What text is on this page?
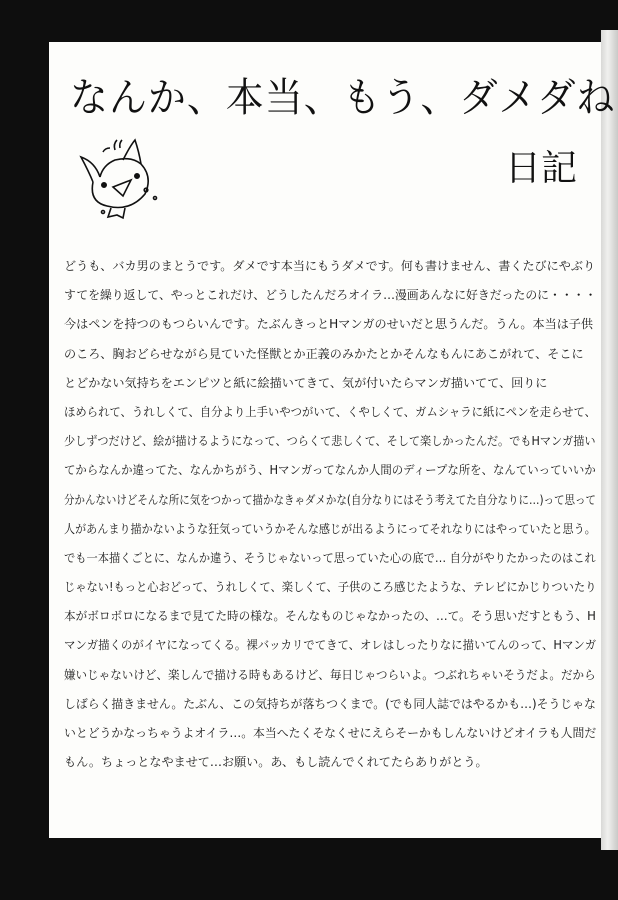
なんか、本当、もう、ダメダね
日記
どうも、バカ男のまとうです。ダメです本当にもうダメです。何も書けません、書くたびにやぶり
すてを繰り返して、やっとこれだけ、どうしたんだろオイラ…漫画あんなに好きだったのに・・・・
今はペンを持つのもつらいんです。たぶんきっとHマンガのせいだと思うんだ。うん。本当は子供
のころ、胸おどらせながら見ていた怪獣とか正義のみかたとかそんなもんにあこがれて、そこに
とどかない気持ちをエンピツと紙に絵描いてきて、気が付いたらマンガ描いてて、回りに
ほめられて、うれしくて、自分より上手いやつがいて、くやしくて、ガムシャラに紙にペンを走らせて、
少しずつだけど、絵が描けるようになって、つらくて悲しくて、そして楽しかったんだ。でもHマンガ描い
てからなんか違ってた、なんかちがう、Hマンガってなんか人間のディープな所を、なんていっていいか
分かんないけどそんな所に気をつかって描かなきゃダメかな(自分なりにはそう考えてた自分なりに…)って思って
人があんまり描かないような狂気っていうかそんな感じが出るようにってそれなりにはやっていたと思う。
でも一本描くごとに、なんか違う、そうじゃないって思っていた心の底で… 自分がやりたかったのはこれ
じゃない!もっと心おどって、うれしくて、楽しくて、子供のころ感じたような、テレビにかじりついたり
本がボロボロになるまで見てた時の様な。そんなものじゃなかったの、…て。そう思いだすともう、H
マンガ描くのがイヤになってくる。裸バッカリでてきて、オレはしったりなに描いてんのって、Hマンガ
嫌いじゃないけど、楽しんで描ける時もあるけど、毎日じゃつらいよ。つぶれちゃいそうだよ。だから
しばらく描きません。たぶん、この気持ちが落ちつくまで。(でも同人誌ではやるかも…)そうじゃな
いとどうかなっちゃうよオイラ…。本当へたくそなくせにえらそーかもしんないけどオイラも人間だ
もん。ちょっとなやませて…お願い。あ、もし読んでくれてたらありがとう。
